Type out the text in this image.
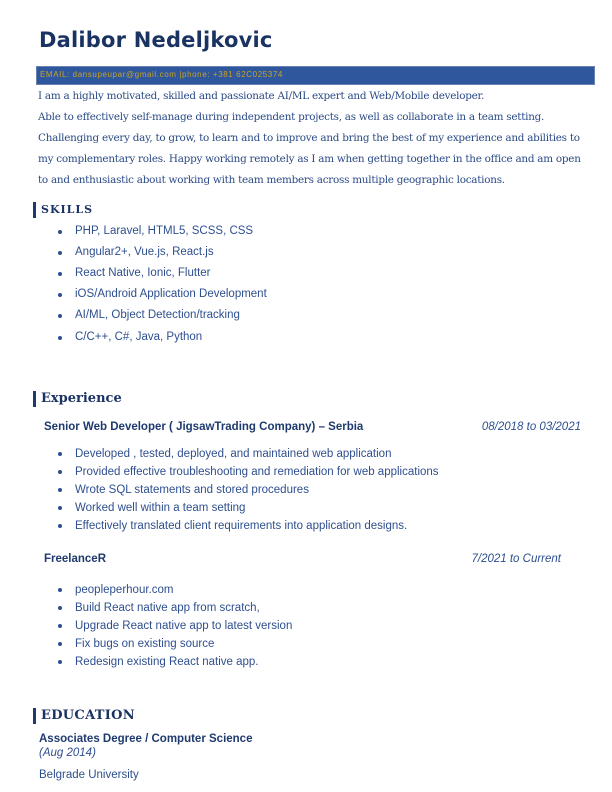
Dalibor Nedeljkovic
EMAIL: dansupeupar@gmail.com |phone: +381 62C025374

I am a highly motivated, skilled and passionate AI/ML expert and Web/Mobile developer.

Able to effectively self-manage during independent projects, as well as collaborate in a team setting.

Challenging every day, to grow, to learn and to improve and bring the best of my experience and abilities to

my complementary roles. Happy working remotely as I am when getting together in the office and am open

to and enthusiastic about working with team members across multiple geographic locations.

SKILLS
PHP, Laravel, HTML5, SCSS, CSS
Angular2+, Vue.js, React.js
React Native, Ionic, Flutter
iOS/Android Application Development
AI/ML, Object Detection/tracking
C/C++, C#, Java, Python
Experience
Senior Web Developer ( JigsawTrading Company) – Serbia	08/2018 to 03/2021
Developed , tested, deployed, and maintained web application
Provided effective troubleshooting and remediation for web applications
Wrote SQL statements and stored procedures
Worked well within a team setting
Effectively translated client requirements into application designs.
FreelanceR	7/2021 to Current
peopleperhour.com
Build React native app from scratch,
Upgrade React native app to latest version
Fix bugs on existing source
Redesign existing React native app.
EDUCATION
Associates Degree / Computer Science
(Aug 2014)
Belgrade University
